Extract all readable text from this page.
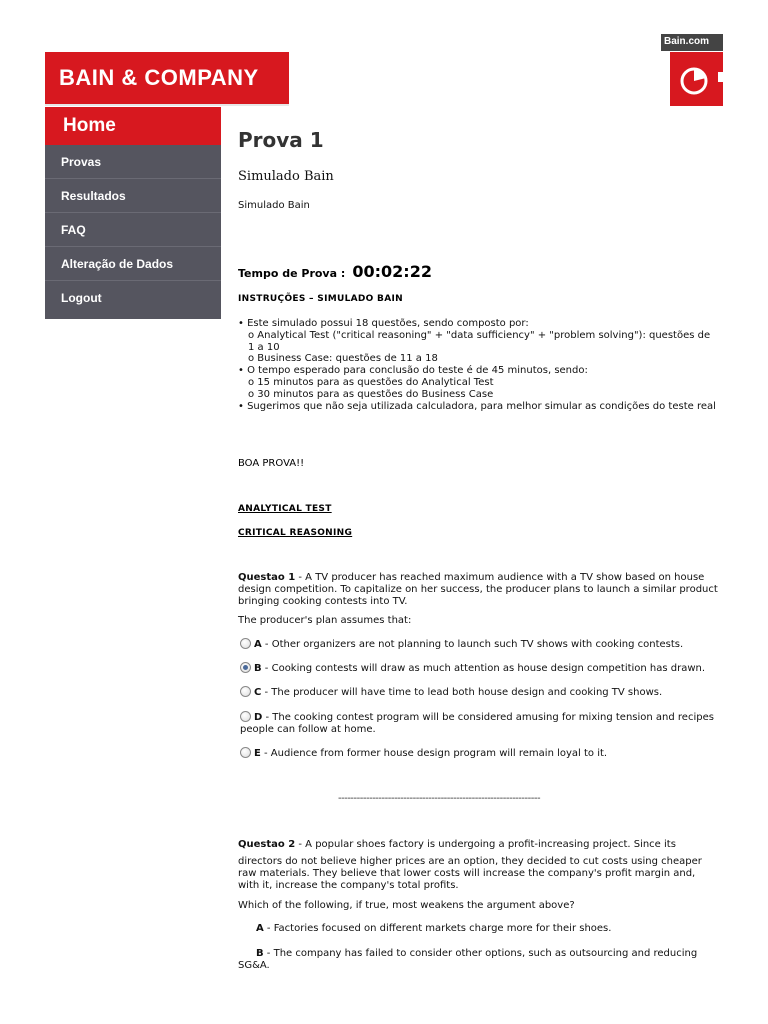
BAIN & COMPANY
Bain.com
Home
Provas
Resultados
FAQ
Alteração de Dados
Logout
Prova 1
Simulado Bain
Simulado Bain
Tempo de Prova : 00:02:22
INSTRUÇÕES – SIMULADO BAIN
• Este simulado possui 18 questões, sendo composto por:
o Analytical Test ("critical reasoning" + "data sufficiency" + "problem solving"): questões de 1 a 10
o Business Case: questões de 11 a 18
• O tempo esperado para conclusão do teste é de 45 minutos, sendo:
o 15 minutos para as questões do Analytical Test
o 30 minutos para as questões do Business Case
• Sugerimos que não seja utilizada calculadora, para melhor simular as condições do teste real
BOA PROVA!!
ANALYTICAL TEST
CRITICAL REASONING
Questao 1 - A TV producer has reached maximum audience with a TV show based on house design competition. To capitalize on her success, the producer plans to launch a similar product bringing cooking contests into TV.
The producer's plan assumes that:
A - Other organizers are not planning to launch such TV shows with cooking contests.
B - Cooking contests will draw as much attention as house design competition has drawn.
C - The producer will have time to lead both house design and cooking TV shows.
D - The cooking contest program will be considered amusing for mixing tension and recipes people can follow at home.
E - Audience from former house design program will remain loyal to it.
-----------------------------------------------------------------
Questao 2 - A popular shoes factory is undergoing a profit-increasing project. Since its
directors do not believe higher prices are an option, they decided to cut costs using cheaper raw materials. They believe that lower costs will increase the company's profit margin and, with it, increase the company's total profits.
Which of the following, if true, most weakens the argument above?
A - Factories focused on different markets charge more for their shoes.
B - The company has failed to consider other options, such as outsourcing and reducing SG&A.
